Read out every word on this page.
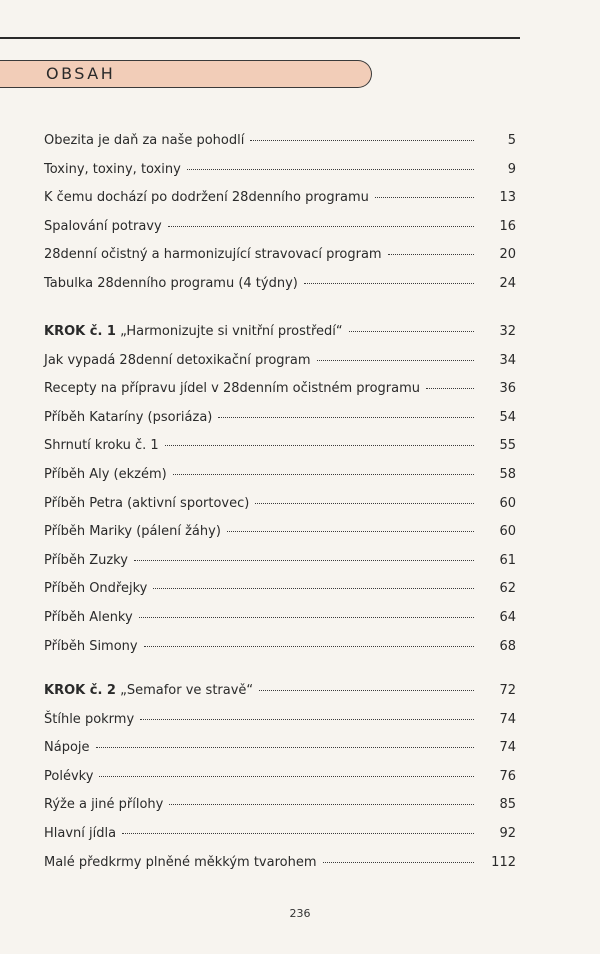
OBSAH
Obezita je daň za naše pohodlí	5
Toxiny, toxiny, toxiny	9
K čemu dochází po dodržení 28denního programu	13
Spalování potravy	16
28denní očistný a harmonizující stravovací program	20
Tabulka 28denního programu (4 týdny)	24
KROK č. 1 „Harmonizujte si vnitřní prostředí“	32
Jak vypadá 28denní detoxikační program	34
Recepty na přípravu jídel v 28denním očistném programu	36
Příběh Kataríny (psoriáza)	54
Shrnutí kroku č. 1	55
Příběh Aly (ekzém)	58
Příběh Petra (aktivní sportovec)	60
Příběh Mariky (pálení žáhy)	60
Příběh Zuzky	61
Příběh Ondřejky	62
Příběh Alenky	64
Příběh Simony	68
KROK č. 2 „Semafor ve stravě“	72
Štíhle pokrmy	74
Nápoje	74
Polévky	76
Rýže a jiné přílohy	85
Hlavní jídla	92
Malé předkrmy plněné měkkým tvarohem	112
236
